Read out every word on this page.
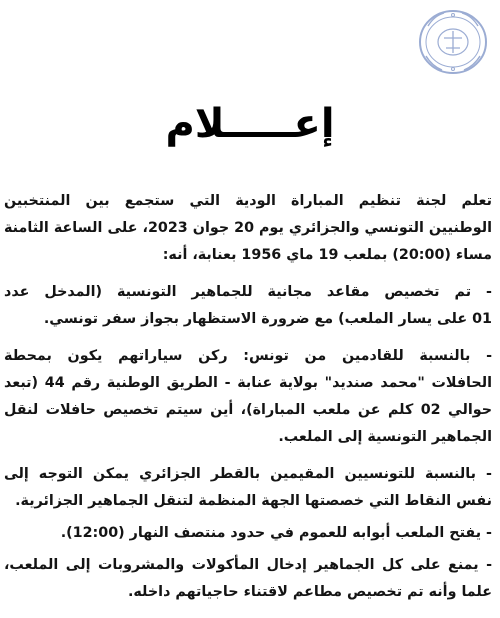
إعـــــلام
تعلم لجنة تنظيم المباراة الودية التي ستجمع بين المنتخبين
الوطنيين التونسي والجزائري يوم 20 جوان 2023، على الساعة الثامنة
مساء (20:00) بملعب 19 ماي 1956 بعنابة، أنه:
- تم تخصيص مقاعد مجانية للجماهير التونسية (المدخل عدد
01 على يسار الملعب) مع ضرورة الاستظهار بجواز سفر تونسي.
- بالنسبة للقادمين من تونس: ركن سياراتهم يكون بمحطة
الحافلات "محمد صنديد" بولاية عنابة - الطريق الوطنية رقم 44 (تبعد
حوالي 02 كلم عن ملعب المباراة)، أين سيتم تخصيص حافلات لنقل
الجماهير التونسية إلى الملعب.
- بالنسبة للتونسيين المقيمين بالقطر الجزائري يمكن التوجه إلى
نفس النقاط التي خصصتها الجهة المنظمة لتنقل الجماهير الجزائرية.
- يفتح الملعب أبوابه للعموم في حدود منتصف النهار (12:00).
- يمنع على كل الجماهير إدخال المأكولات والمشروبات إلى الملعب،
علما وأنه تم تخصيص مطاعم لاقتناء حاجياتهم داخله.
